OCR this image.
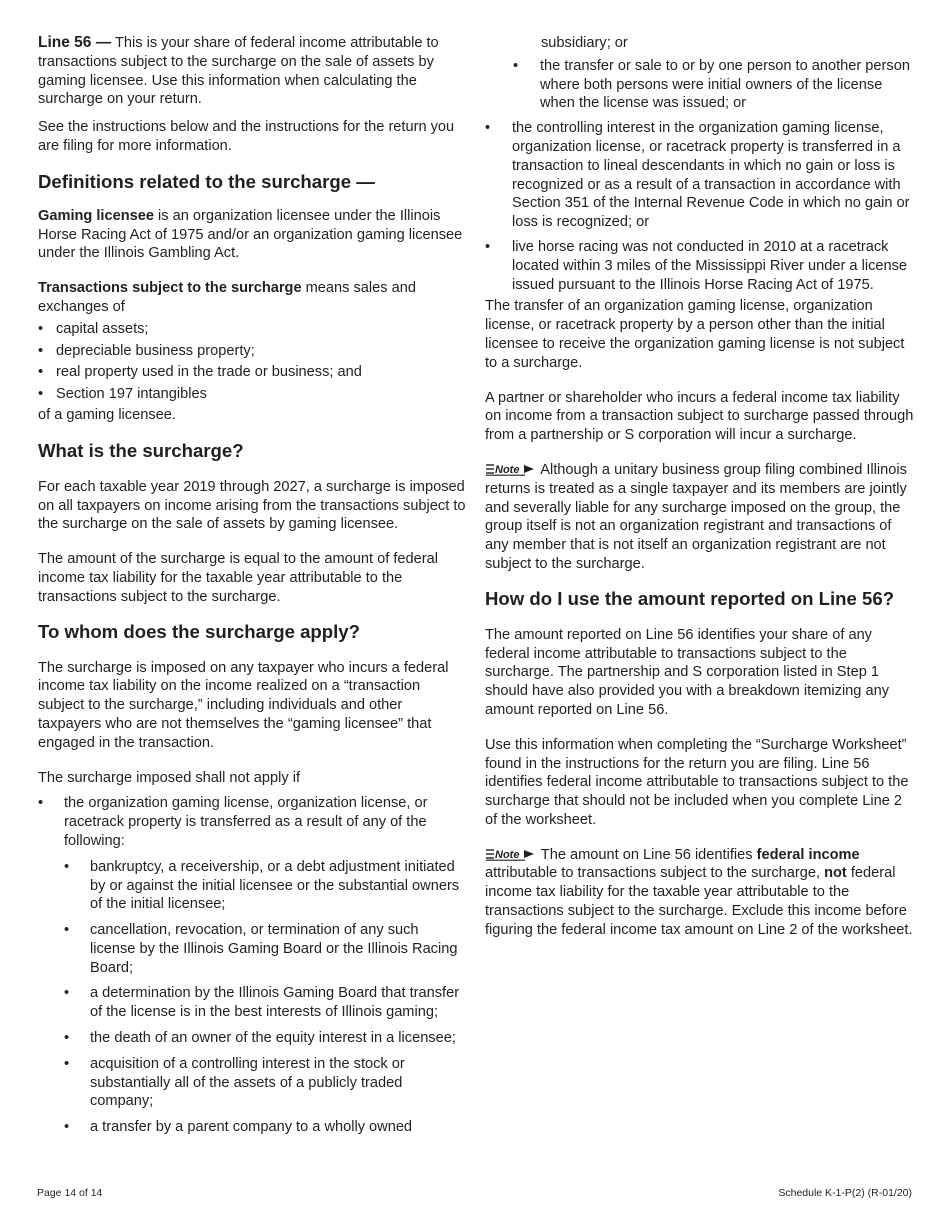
Line 56 — This is your share of federal income attributable to transactions subject to the surcharge on the sale of assets by gaming licensee. Use this information when calculating the surcharge on your return.

See the instructions below and the instructions for the return you are filing for more information.

Definitions related to the surcharge —

Gaming licensee is an organization licensee under the Illinois Horse Racing Act of 1975 and/or an organization gaming licensee under the Illinois Gambling Act.

Transactions subject to the surcharge means sales and exchanges of

• capital assets;
• depreciable business property;
• real property used in the trade or business; and
• Section 197 intangibles

of a gaming licensee.

What is the surcharge?

For each taxable year 2019 through 2027, a surcharge is imposed on all taxpayers on income arising from the transactions subject to the surcharge on the sale of assets by gaming licensee.

The amount of the surcharge is equal to the amount of federal income tax liability for the taxable year attributable to the transactions subject to the surcharge.

To whom does the surcharge apply?

The surcharge is imposed on any taxpayer who incurs a federal income tax liability on the income realized on a “transaction subject to the surcharge,” including individuals and other taxpayers who are not themselves the “gaming licensee” that engaged in the transaction.

The surcharge imposed shall not apply if

• the organization gaming license, organization license, or racetrack property is transferred as a result of any of the following:
• bankruptcy, a receivership, or a debt adjustment initiated by or against the initial licensee or the substantial owners of the initial licensee;
• cancellation, revocation, or termination of any such license by the Illinois Gaming Board or the Illinois Racing Board;
• a determination by the Illinois Gaming Board that transfer of the license is in the best interests of Illinois gaming;
• the death of an owner of the equity interest in a licensee;
• acquisition of a controlling interest in the stock or substantially all of the assets of a publicly traded company;
• a transfer by a parent company to a wholly owned

subsidiary; or

• the transfer or sale to or by one person to another person where both persons were initial owners of the license when the license was issued; or
• the controlling interest in the organization gaming license, organization license, or racetrack property is transferred in a transaction to lineal descendants in which no gain or loss is recognized or as a result of a transaction in accordance with Section 351 of the Internal Revenue Code in which no gain or loss is recognized; or
• live horse racing was not conducted in 2010 at a racetrack located within 3 miles of the Mississippi River under a license issued pursuant to the Illinois Horse Racing Act of 1975.

The transfer of an organization gaming license, organization license, or racetrack property by a person other than the initial licensee to receive the organization gaming license is not subject to a surcharge.

A partner or shareholder who incurs a federal income tax liability on income from a transaction subject to surcharge passed through from a partnership or S corporation will incur a surcharge.

Note Although a unitary business group filing combined Illinois returns is treated as a single taxpayer and its members are jointly and severally liable for any surcharge imposed on the group, the group itself is not an organization registrant and transactions of any member that is not itself an organization registrant are not subject to the surcharge.

How do I use the amount reported on Line 56?

The amount reported on Line 56 identifies your share of any federal income attributable to transactions subject to the surcharge. The partnership and S corporation listed in Step 1 should have also provided you with a breakdown itemizing any amount reported on Line 56.

Use this information when completing the “Surcharge Worksheet” found in the instructions for the return you are filing. Line 56 identifies federal income attributable to transactions subject to the surcharge that should not be included when you complete Line 2 of the worksheet.

Note The amount on Line 56 identifies federal income attributable to transactions subject to the surcharge, not federal income tax liability for the taxable year attributable to the transactions subject to the surcharge. Exclude this income before figuring the federal income tax amount on Line 2 of the worksheet.

Page 14 of 14	Schedule K-1-P(2) (R-01/20)
